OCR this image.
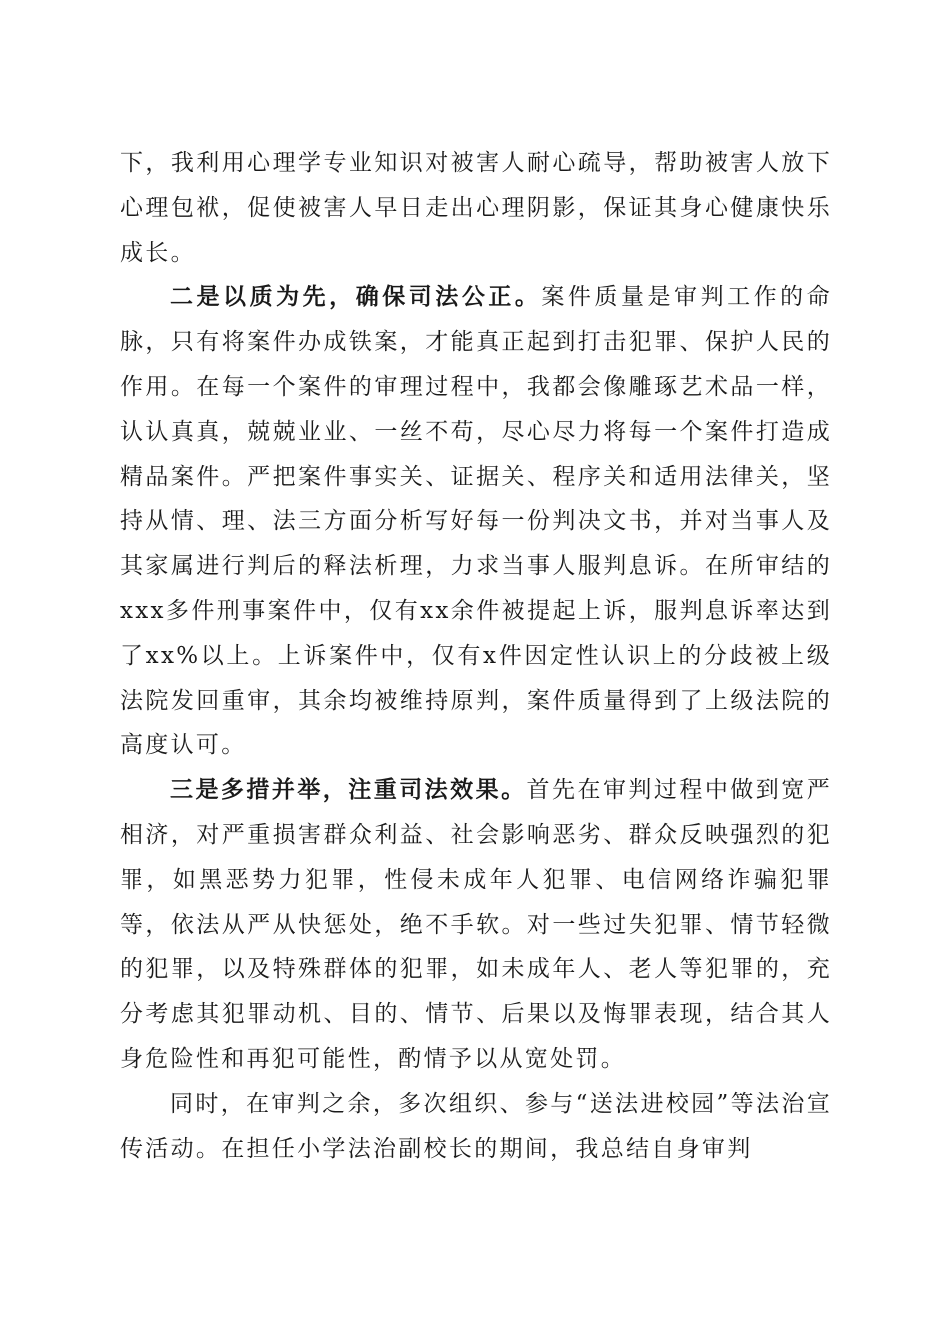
下，我利用心理学专业知识对被害人耐心疏导，帮助被害人放下心理包袱，促使被害人早日走出心理阴影，保证其身心健康快乐成长。

二是以质为先，确保司法公正。案件质量是审判工作的命脉，只有将案件办成铁案，才能真正起到打击犯罪、保护人民的作用。在每一个案件的审理过程中，我都会像雕琢艺术品一样，认认真真，兢兢业业、一丝不苟，尽心尽力将每一个案件打造成精品案件。严把案件事实关、证据关、程序关和适用法律关，坚持从情、理、法三方面分析写好每一份判决文书，并对当事人及其家属进行判后的释法析理，力求当事人服判息诉。在所审结的xxx多件刑事案件中，仅有xx余件被提起上诉，服判息诉率达到了xx%以上。上诉案件中，仅有x件因定性认识上的分歧被上级法院发回重审，其余均被维持原判，案件质量得到了上级法院的高度认可。

三是多措并举，注重司法效果。首先在审判过程中做到宽严相济，对严重损害群众利益、社会影响恶劣、群众反映强烈的犯罪，如黑恶势力犯罪，性侵未成年人犯罪、电信网络诈骗犯罪等，依法从严从快惩处，绝不手软。对一些过失犯罪、情节轻微的犯罪，以及特殊群体的犯罪，如未成年人、老人等犯罪的，充分考虑其犯罪动机、目的、情节、后果以及悔罪表现，结合其人身危险性和再犯可能性，酌情予以从宽处罚。

同时，在审判之余，多次组织、参与“送法进校园”等法治宣传活动。在担任小学法治副校长的期间，我总结自身审判
